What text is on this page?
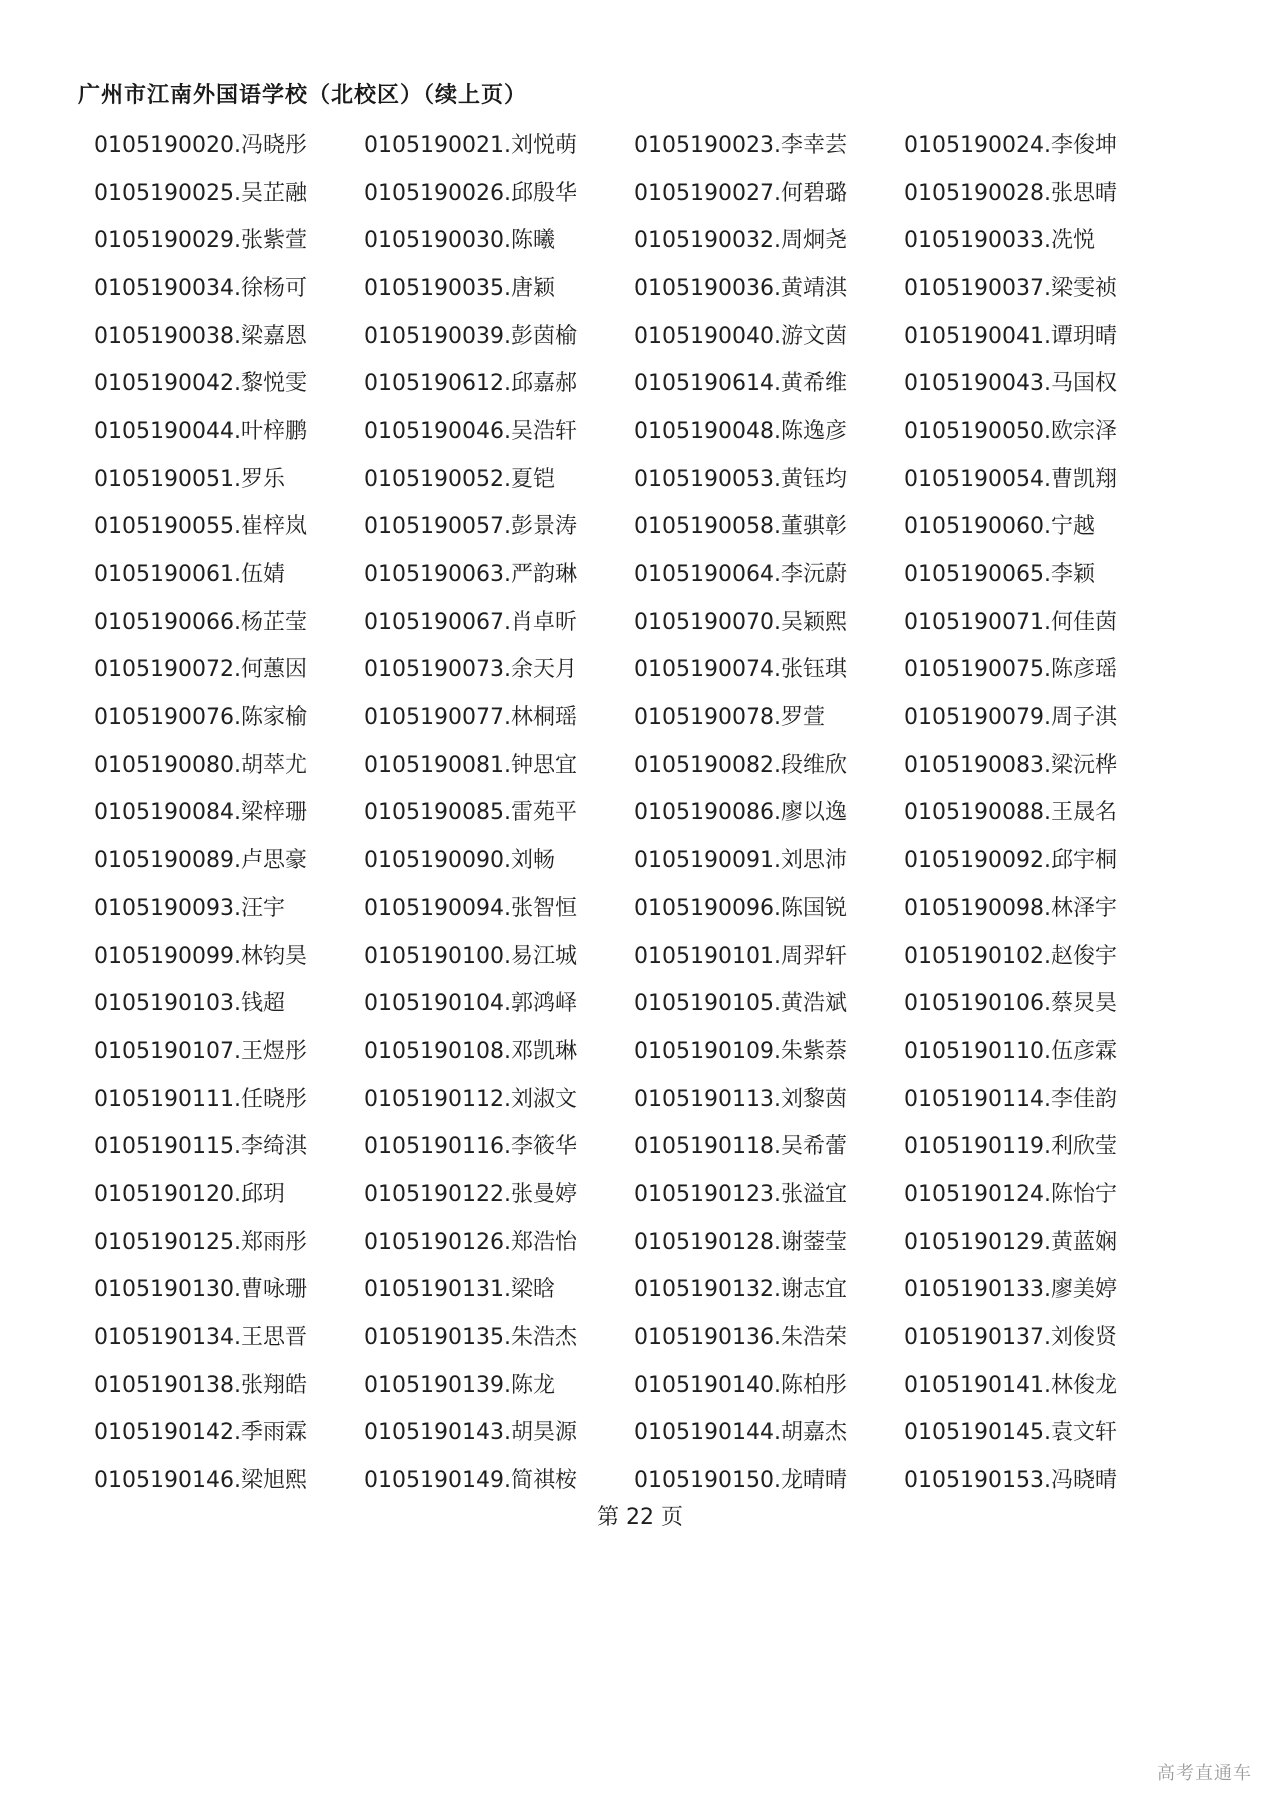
广州市江南外国语学校（北校区）（续上页）
0105190020.冯晓彤	0105190021.刘悦萌	0105190023.李幸芸	0105190024.李俊坤
0105190025.吴芷融	0105190026.邱殷华	0105190027.何碧璐	0105190028.张思晴
0105190029.张紫萱	0105190030.陈曦	0105190032.周炯尧	0105190033.冼悦
0105190034.徐杨可	0105190035.唐颖	0105190036.黄靖淇	0105190037.梁雯祯
0105190038.梁嘉恩	0105190039.彭茵榆	0105190040.游文茵	0105190041.谭玥晴
0105190042.黎悦雯	0105190612.邱嘉郝	0105190614.黄希维	0105190043.马国权
0105190044.叶梓鹏	0105190046.吴浩轩	0105190048.陈逸彦	0105190050.欧宗泽
0105190051.罗乐	0105190052.夏铠	0105190053.黄钰均	0105190054.曹凯翔
0105190055.崔梓岚	0105190057.彭景涛	0105190058.董骐彰	0105190060.宁越
0105190061.伍婧	0105190063.严韵琳	0105190064.李沅蔚	0105190065.李颖
0105190066.杨芷莹	0105190067.肖卓昕	0105190070.吴颖熙	0105190071.何佳茵
0105190072.何蕙因	0105190073.余天月	0105190074.张钰琪	0105190075.陈彦瑶
0105190076.陈家榆	0105190077.林桐瑶	0105190078.罗萱	0105190079.周子淇
0105190080.胡萃尤	0105190081.钟思宜	0105190082.段维欣	0105190083.梁沅桦
0105190084.梁梓珊	0105190085.雷苑平	0105190086.廖以逸	0105190088.王晟名
0105190089.卢思豪	0105190090.刘畅	0105190091.刘思沛	0105190092.邱宇桐
0105190093.汪宇	0105190094.张智恒	0105190096.陈国锐	0105190098.林泽宇
0105190099.林钧昊	0105190100.易江城	0105190101.周羿轩	0105190102.赵俊宇
0105190103.钱超	0105190104.郭鸿峄	0105190105.黄浩斌	0105190106.蔡炅昊
0105190107.王煜彤	0105190108.邓凯琳	0105190109.朱紫萘	0105190110.伍彦霖
0105190111.任晓彤	0105190112.刘淑文	0105190113.刘黎茵	0105190114.李佳韵
0105190115.李绮淇	0105190116.李筱华	0105190118.吴希蕾	0105190119.利欣莹
0105190120.邱玥	0105190122.张曼婷	0105190123.张溢宜	0105190124.陈怡宁
0105190125.郑雨彤	0105190126.郑浩怡	0105190128.谢蓥莹	0105190129.黄蓝娴
0105190130.曹咏珊	0105190131.梁晗	0105190132.谢志宜	0105190133.廖美婷
0105190134.王思晋	0105190135.朱浩杰	0105190136.朱浩荣	0105190137.刘俊贤
0105190138.张翔皓	0105190139.陈龙	0105190140.陈柏彤	0105190141.林俊龙
0105190142.季雨霖	0105190143.胡昊源	0105190144.胡嘉杰	0105190145.袁文轩
0105190146.梁旭熙	0105190149.简祺桉	0105190150.龙晴晴	0105190153.冯晓晴
第 22 页
高考直通车
